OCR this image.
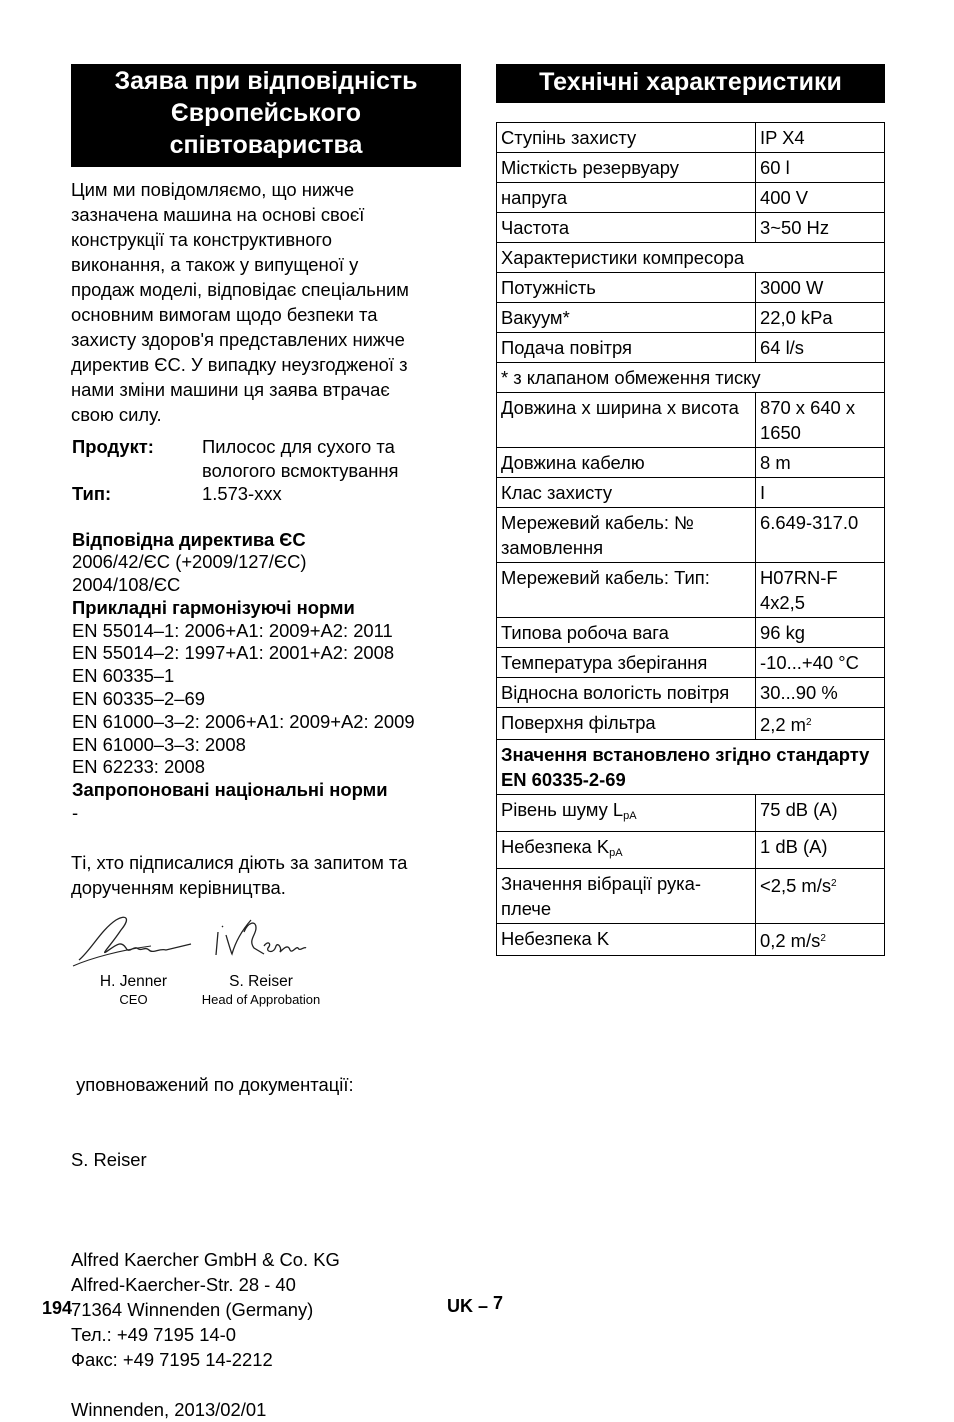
Заява при відповідність
Європейського
співтовариства
Цим ми повідомляємо, що нижче
зазначена машина на основі своєї
конструкції та конструктивного
виконання, а також у випущеної у
продаж моделі, відповідає спеціальним
основним вимогам щодо безпеки та
захисту здоров'я представлених нижче
директив ЄС. У випадку неузгодженої з
нами зміни машини ця заява втрачає
свою силу.
Продукт:	Пилосос для сухого та
вологого всмоктування
Тип:	1.573-xxx
Відповідна директива ЄС
2006/42/ЄС (+2009/127/ЄС)
2004/108/ЄС
Прикладні гармонізуючі норми
EN 55014–1: 2006+A1: 2009+A2: 2011
EN 55014–2: 1997+A1: 2001+A2: 2008
EN 60335–1
EN 60335–2–69
EN 61000–3–2: 2006+A1: 2009+A2: 2009
EN 61000–3–3: 2008
EN 62233: 2008
Запропоновані національні норми
-
Ті, хто підписалися діють за запитом та
дорученням керівництва.
H. Jenner
CEO
S. Reiser
Head of Approbation

уповноважений по документації:

S. Reiser

Alfred Kaercher GmbH & Co. KG
Alfred-Kaercher-Str. 28 - 40
71364 Winnenden (Germany)
Тел.: +49 7195 14-0
Факс: +49 7195 14-2212
Winnenden, 2013/02/01
Технічні характеристики
Ступінь захисту	IP X4
Місткість резервуару	60 l
напруга	400 V
Частота	3~50 Hz
Характеристики компресора	
Потужність	3000 W
Вакуум*	22,0 kPa
Подача повітря	64 l/s
* з клапаном обмеження тиску	
Довжина x ширина x висота	870 x 640 x 1650
Довжина кабелю	8 m
Клас захисту	I
Мережевий кабель: № замовлення	6.649-317.0
Мережевий кабель: Тип:	H07RN-F 4x2,5
Типова робоча вага	96 kg
Температура зберігання	-10...+40 °C
Відносна вологість повітря	30...90 %
Поверхня фільтра	2,2 $m^2$
Значення встановлено згідно стандарту EN 60335-2-69	
Рівень шуму $L_{pA}$	75 dB (A)
Небезпека $K_{pA}$	1 dB (A)
Значення вібрації рука-плече	<2,5 $m/s^2$
Небезпека K	0,2 $m/s^2$
194	UK – 7
